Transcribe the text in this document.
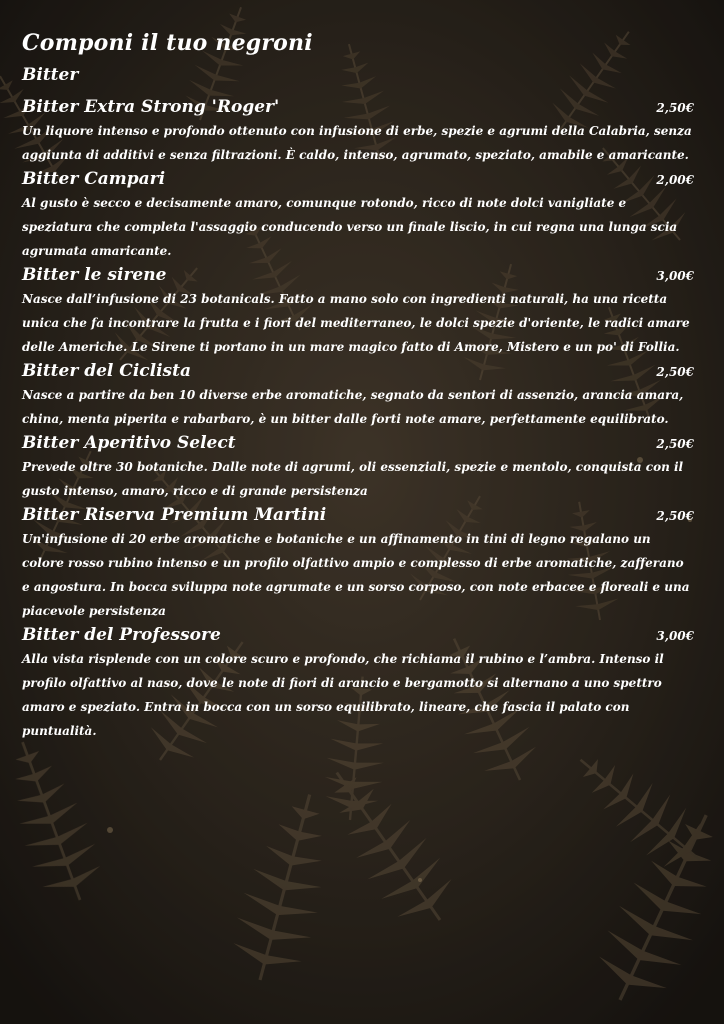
Componi il tuo negroni
Bitter
Bitter Extra Strong 'Roger'	2,50€

Un liquore intenso e profondo ottenuto con infusione di erbe, spezie e agrumi della Calabria, senza aggiunta di additivi e senza filtrazioni. È caldo, intenso, agrumato, speziato, amabile e amaricante.

Bitter Campari	2,00€

Al gusto è secco e decisamente amaro, comunque rotondo, ricco di note dolci vanigliate e speziatura che completa l'assaggio conducendo verso un finale liscio, in cui regna una lunga scia agrumata amaricante.

Bitter le sirene	3,00€

Nasce dall’infusione di 23 botanicals. Fatto a mano solo con ingredienti naturali, ha una ricetta unica che fa incontrare la frutta e i fiori del mediterraneo, le dolci spezie d'oriente, le radici amare delle Americhe. Le Sirene ti portano in un mare magico fatto di Amore, Mistero e un po' di Follia.

Bitter del Ciclista	2,50€

Nasce a partire da ben 10 diverse erbe aromatiche, segnato da sentori di assenzio, arancia amara, china, menta piperita e rabarbaro, è un bitter dalle forti note amare, perfettamente equilibrato.

Bitter Aperitivo Select	2,50€

Prevede oltre 30 botaniche. Dalle note di agrumi, oli essenziali, spezie e mentolo, conquista con il gusto intenso, amaro, ricco e di grande persistenza

Bitter Riserva Premium Martini	2,50€

Un'infusione di 20 erbe aromatiche e botaniche e un affinamento in tini di legno regalano un colore rosso rubino intenso e un profilo olfattivo ampio e complesso di erbe aromatiche, zafferano e angostura. In bocca sviluppa note agrumate e un sorso corposo, con note erbacee e floreali e una piacevole persistenza

Bitter del Professore	3,00€

Alla vista risplende con un colore scuro e profondo, che richiama il rubino e l’ambra. Intenso il profilo olfattivo al naso, dove le note di fiori di arancio e bergamotto si alternano a uno spettro amaro e speziato. Entra in bocca con un sorso equilibrato, lineare, che fascia il palato con puntualità.
